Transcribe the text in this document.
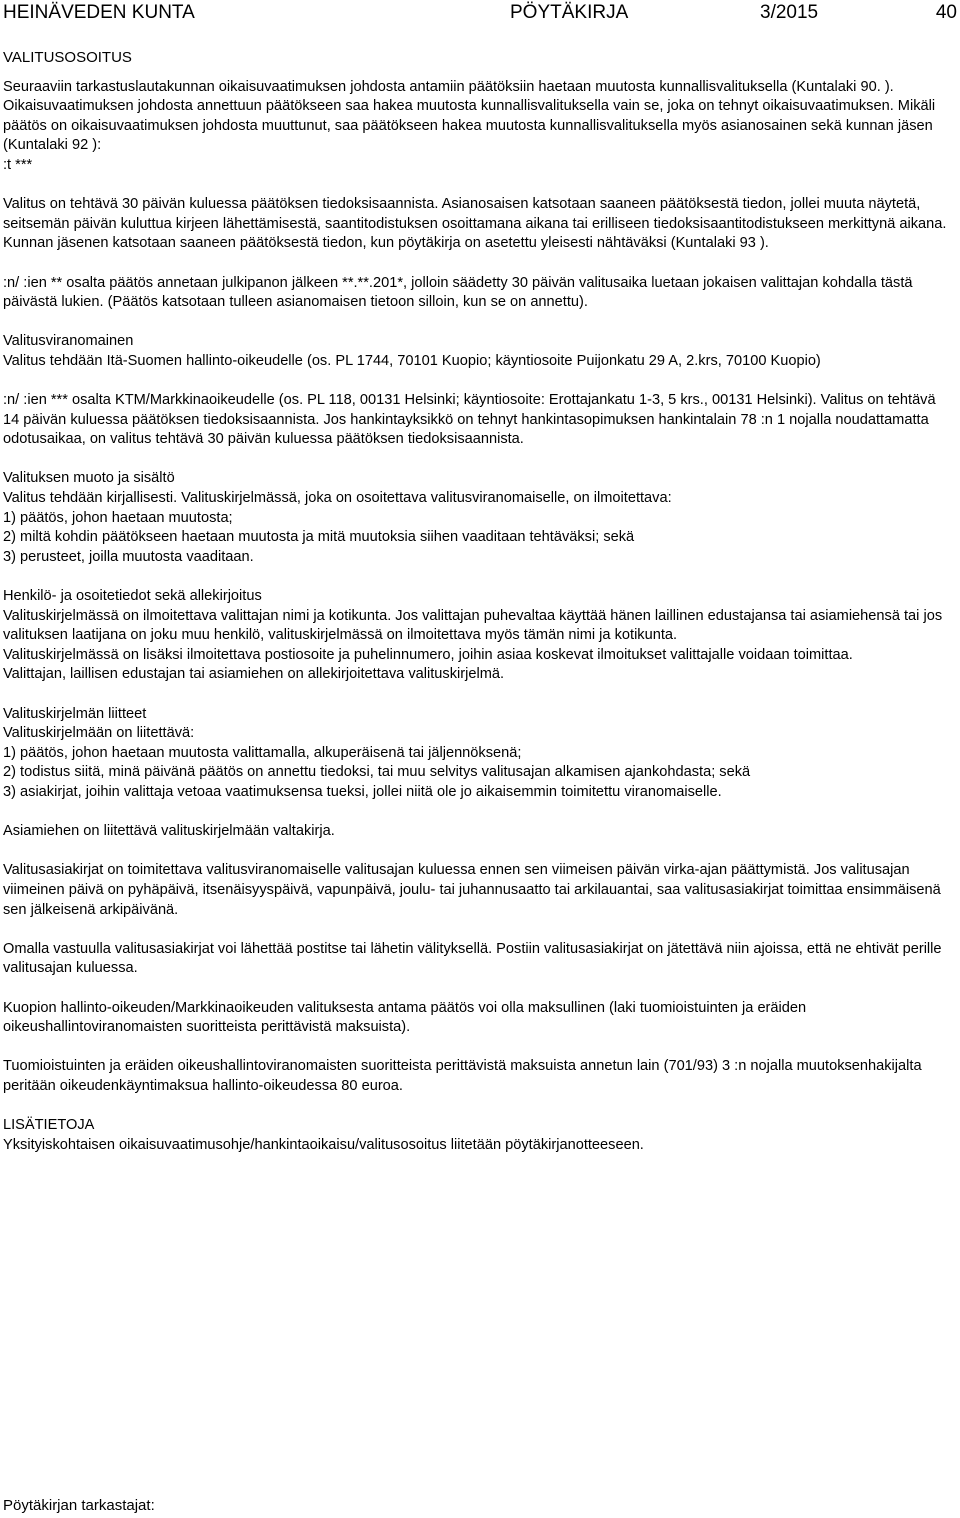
HEINÄVEDEN KUNTA	PÖYTÄKIRJA	3/2015	40

VALITUSOSOITUS

Seuraaviin tarkastuslautakunnan oikaisuvaatimuksen johdosta antamiin päätöksiin haetaan muutosta kunnallisvalituksella (Kuntalaki 90. ). Oikaisuvaatimuksen johdosta annettuun päätökseen saa hakea muutosta kunnallisvalituksella vain se, joka on tehnyt oikaisuvaatimuksen. Mikäli päätös on oikaisuvaatimuksen johdosta muuttunut, saa päätökseen hakea muutosta kunnallisvalituksella myös asianosainen sekä kunnan jäsen (Kuntalaki 92 ):

:t ***

Valitus on tehtävä 30 päivän kuluessa päätöksen tiedoksisaannista. Asianosaisen katsotaan saaneen päätöksestä tiedon, jollei muuta näytetä, seitsemän päivän kuluttua kirjeen lähettämisestä, saantitodistuksen osoittamana aikana tai erilliseen tiedoksisaantitodistukseen merkittynä aikana. Kunnan jäsenen katsotaan saaneen päätöksestä tiedon, kun pöytäkirja on asetettu yleisesti nähtäväksi (Kuntalaki 93 ).

:n/ :ien ** osalta päätös annetaan julkipanon jälkeen **.**.201*, jolloin säädetty 30 päivän valitusaika luetaan jokaisen valittajan kohdalla tästä päivästä lukien. (Päätös katsotaan tulleen asianomaisen tietoon silloin, kun se on annettu).

Valitusviranomainen

Valitus tehdään Itä-Suomen hallinto-oikeudelle (os. PL 1744, 70101 Kuopio; käyntiosoite Puijonkatu 29 A, 2.krs, 70100 Kuopio)

:n/ :ien *** osalta KTM/Markkinaoikeudelle (os. PL 118, 00131 Helsinki; käyntiosoite: Erottajankatu 1-3, 5 krs., 00131 Helsinki). Valitus on tehtävä 14 päivän kuluessa päätöksen tiedoksisaannista. Jos hankintayksikkö on tehnyt hankintasopimuksen hankintalain 78 :n 1 nojalla noudattamatta odotusaikaa, on valitus tehtävä 30 päivän kuluessa päätöksen tiedoksisaannista.

Valituksen muoto ja sisältö

Valitus tehdään kirjallisesti. Valituskirjelmässä, joka on osoitettava valitusviranomaiselle, on ilmoitettava:

1) päätös, johon haetaan muutosta;

2) miltä kohdin päätökseen haetaan muutosta ja mitä muutoksia siihen vaaditaan tehtäväksi; sekä

3) perusteet, joilla muutosta vaaditaan.

Henkilö- ja osoitetiedot sekä allekirjoitus

Valituskirjelmässä on ilmoitettava valittajan nimi ja kotikunta. Jos valittajan puhevaltaa käyttää hänen laillinen edustajansa tai asiamiehensä tai jos valituksen laatijana on joku muu henkilö, valituskirjelmässä on ilmoitettava myös tämän nimi ja kotikunta.

Valituskirjelmässä on lisäksi ilmoitettava postiosoite ja puhelinnumero, joihin asiaa koskevat ilmoitukset valittajalle voidaan toimittaa.

Valittajan, laillisen edustajan tai asiamiehen on allekirjoitettava valituskirjelmä.

Valituskirjelmän liitteet

Valituskirjelmään on liitettävä:

1) päätös, johon haetaan muutosta valittamalla, alkuperäisenä tai jäljennöksenä;

2) todistus siitä, minä päivänä päätös on annettu tiedoksi, tai muu selvitys valitusajan alkamisen ajankohdasta; sekä

3) asiakirjat, joihin valittaja vetoaa vaatimuksensa tueksi, jollei niitä ole jo aikaisemmin toimitettu viranomaiselle.

Asiamiehen on liitettävä valituskirjelmään valtakirja.

Valitusasiakirjat on toimitettava valitusviranomaiselle valitusajan kuluessa ennen sen viimeisen päivän virka-ajan päättymistä. Jos valitusajan viimeinen päivä on pyhäpäivä, itsenäisyyspäivä, vapunpäivä, joulu- tai juhannusaatto tai arkilauantai, saa valitusasiakirjat toimittaa ensimmäisenä sen jälkeisenä arkipäivänä.

Omalla vastuulla valitusasiakirjat voi lähettää postitse tai lähetin välityksellä. Postiin valitusasiakirjat on jätettävä niin ajoissa, että ne ehtivät perille valitusajan kuluessa.

Kuopion hallinto-oikeuden/Markkinaoikeuden valituksesta antama päätös voi olla maksullinen (laki tuomioistuinten ja eräiden oikeushallintoviranomaisten suoritteista perittävistä maksuista).

Tuomioistuinten ja eräiden oikeushallintoviranomaisten suoritteista perittävistä maksuista annetun lain (701/93) 3 :n nojalla muutoksenhakijalta peritään oikeudenkäyntimaksua hallinto-oikeudessa 80 euroa.

LISÄTIETOJA

Yksityiskohtaisen oikaisuvaatimusohje/hankintaoikaisu/valitusosoitus liitetään pöytäkirjanotteeseen.

Pöytäkirjan tarkastajat:
